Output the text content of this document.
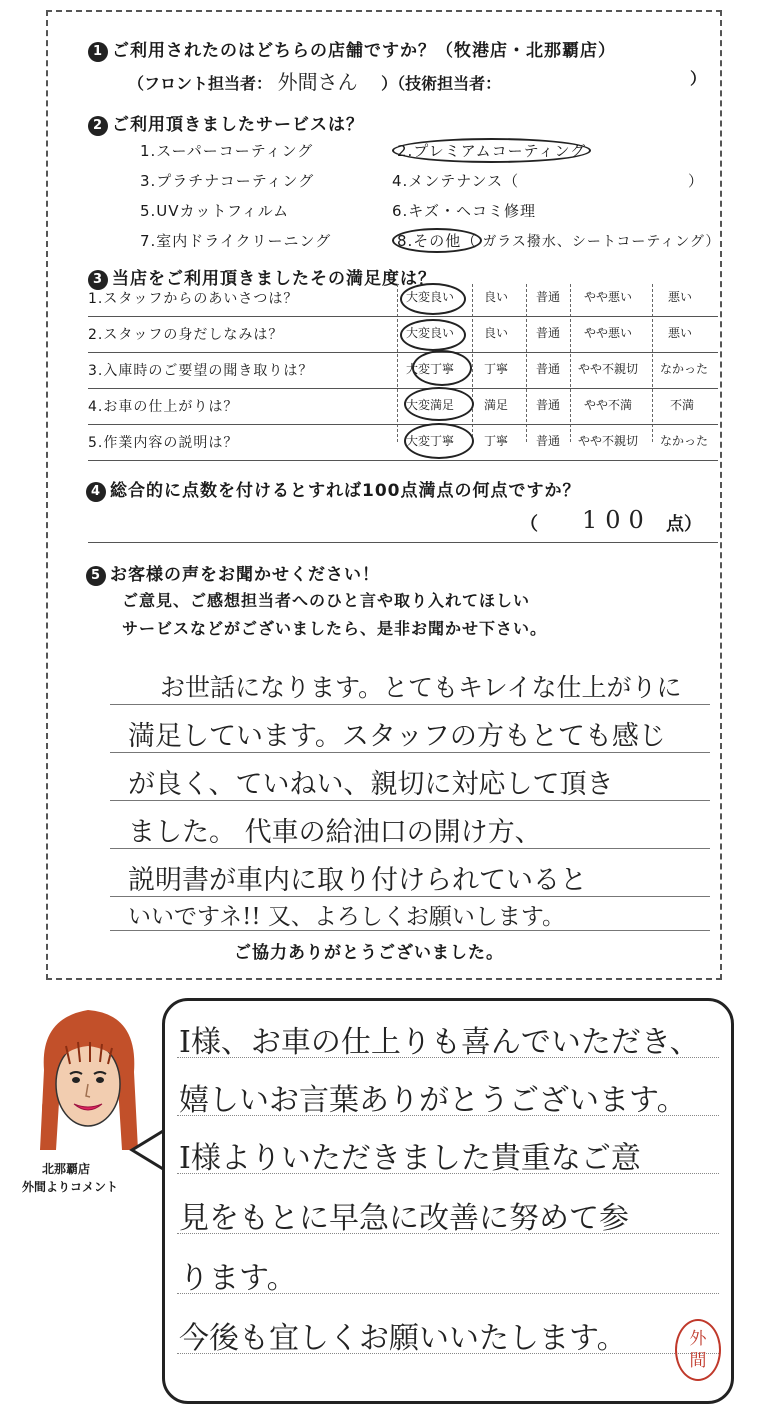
1 ご利用されたのはどちらの店舗ですか？（牧港店・北那覇店）
（フロント担当者： 外間さん ）（技術担当者：	）
2 ご利用頂きましたサービスは？
1.スーパーコーティング	2.プレミアムコーティング
3.プラチナコーティング	4.メンテナンス（	）
5.UVカットフィルム	6.キズ・ヘコミ修理
7.室内ドライクリーニング	8.その他（ ガラス撥水、シートコーティング）
3 当店をご利用頂きましたその満足度は？
1.スタッフからのあいさつは？	大変良い 良い 普通 やや悪い	悪い
2.スタッフの身だしなみは？	大変良い 良い 普通 やや悪い	悪い
3.入庫時のご要望の聞き取りは？	大変丁寧 丁寧 普通 やや不親切 なかった
4.お車の仕上がりは？	大変満足 満足 普通 やや不満	不満
5.作業内容の説明は？	大変丁寧 丁寧 普通 やや不親切 なかった
4 総合的に点数を付けるとすれば100点満点の何点ですか？
（ 100 点）
5 お客様の声をお聞かせください！
ご意見、ご感想担当者へのひと言や取り入れてほしい
サービスなどがございましたら、是非お聞かせ下さい。
お世話になります。とてもキレイな仕上がりに
満足しています。スタッフの方もとても感じ
が良く、ていねい、親切に対応して頂き
ました。 代車の給油口の開け方、
説明書が車内に取り付けられていると
いいですネ!! 又、よろしくお願いします。
ご協力ありがとうございました。
北那覇店
外間よりコメント
I様、お車の仕上りも喜んでいただき、
嬉しいお言葉ありがとうございます。
I様よりいただきました貴重なご意
見をもとに早急に改善に努めて参
ります。
今後も宜しくお願いいたします。	外間
